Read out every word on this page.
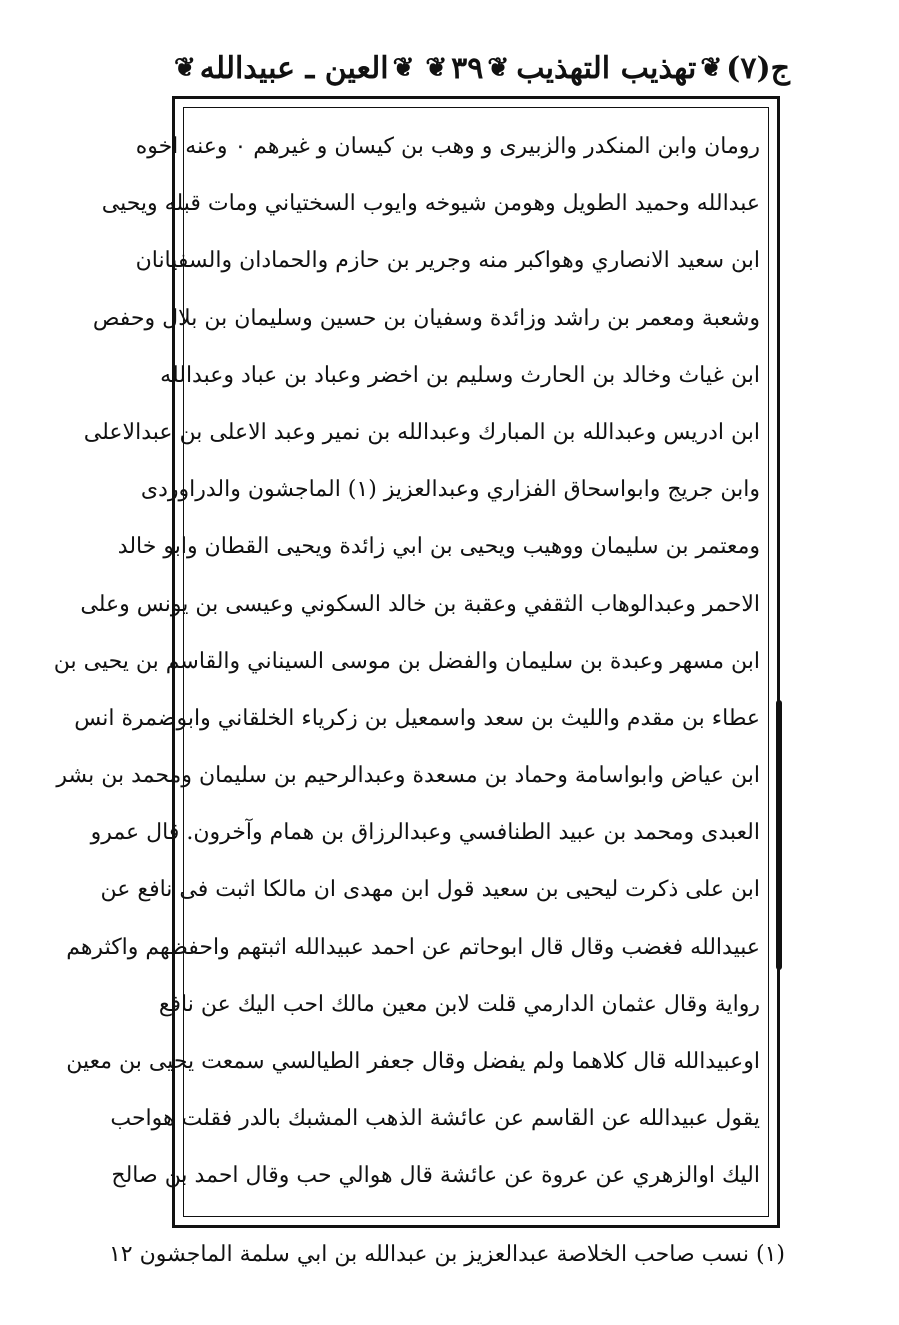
ج(٧)
❦
تهذيب التهذيب
❦
٣٩
❦
❦
العين ـ عبيدالله
❦
رومان وابن المنكدر والزبيرى و وهب بن كيسان و غيرهم ۰ وعنه اخوه
عبدالله وحميد الطويل وهومن شيوخه وايوب السختياني ومات قبله ويحيى
ابن سعيد الانصاري وهواكبر منه وجرير بن حازم والحمادان والسفيانان
وشعبة ومعمر بن راشد وزائدة وسفيان بن حسين وسليمان بن بلال وحفص
ابن غياث وخالد بن الحارث وسليم بن اخضر وعباد بن عباد وعبدالله
ابن ادريس وعبدالله بن المبارك وعبدالله بن نمير وعبد الاعلى بن عبدالاعلى
وابن جريج وابواسحاق الفزاري وعبدالعزيز (١) الماجشون والدراوردى
ومعتمر بن سليمان ووهيب ويحيى بن ابي زائدة ويحيى القطان وابو خالد
الاحمر وعبدالوهاب الثقفي وعقبة بن خالد السكوني وعيسى بن يونس وعلى
ابن مسهر وعبدة بن سليمان والفضل بن موسى السيناني والقاسم بن يحيى بن
عطاء بن مقدم والليث بن سعد واسمعيل بن زكرياء الخلقاني وابوضمرة انس
ابن عياض وابواسامة وحماد بن مسعدة وعبدالرحيم بن سليمان ومحمد بن بشر
العبدى ومحمد بن عبيد الطنافسي وعبدالرزاق بن همام وآخرون. قال عمرو
ابن على ذكرت ليحيى بن سعيد قول ابن مهدى ان مالكا اثبت فى نافع عن
عبيدالله فغضب وقال قال ابوحاتم عن احمد عبيدالله اثبتهم واحفظهم واكثرهم
رواية وقال عثمان الدارمي قلت لابن معين مالك احب اليك عن نافع
اوعبيدالله قال كلاهما ولم يفضل وقال جعفر الطيالسي سمعت يحيى بن معين
يقول عبيدالله عن القاسم عن عائشة الذهب المشبك بالدر فقلت هواحب
اليك اوالزهري عن عروة عن عائشة قال هوالي حب وقال احمد بن صالح
(١) نسب صاحب الخلاصة عبدالعزيز بن عبدالله بن ابي سلمة الماجشون ١٢
